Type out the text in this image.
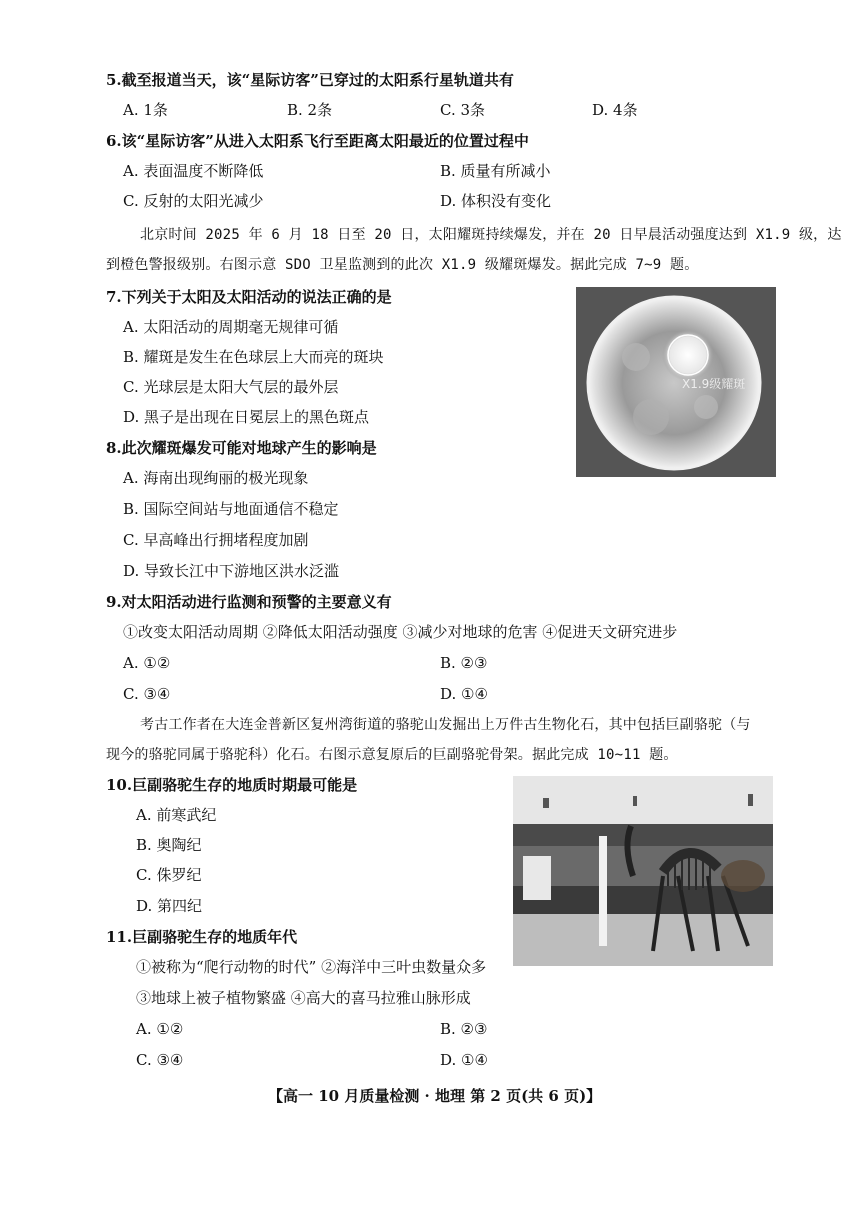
5.截至报道当天，该“星际访客”已穿过的太阳系行星轨道共有
A. 1条	B. 2条	C. 3条	D. 4条
6.该“星际访客”从进入太阳系飞行至距离太阳最近的位置过程中
A. 表面温度不断降低	B. 质量有所减小
C. 反射的太阳光减少	D. 体积没有变化
北京时间 2025 年 6 月 18 日至 20 日，太阳耀斑持续爆发，并在 20 日早晨活动强度达到 X1.9 级，达
到橙色警报级别。右图示意 SDO 卫星监测到的此次 X1.9 级耀斑爆发。据此完成 7~9 题。
X1.9级耀斑
7.下列关于太阳及太阳活动的说法正确的是
A. 太阳活动的周期毫无规律可循
B. 耀斑是发生在色球层上大而亮的斑块
C. 光球层是太阳大气层的最外层
D. 黑子是出现在日冕层上的黑色斑点
8.此次耀斑爆发可能对地球产生的影响是
A. 海南出现绚丽的极光现象
B. 国际空间站与地面通信不稳定
C. 早高峰出行拥堵程度加剧
D. 导致长江中下游地区洪水泛滥
9.对太阳活动进行监测和预警的主要意义有
①改变太阳活动周期 ②降低太阳活动强度 ③减少对地球的危害 ④促进天文研究进步
A. ①②	B. ②③
C. ③④	D. ①④
考古工作者在大连金普新区复州湾街道的骆驼山发掘出上万件古生物化石，其中包括巨副骆驼（与
现今的骆驼同属于骆驼科）化石。右图示意复原后的巨副骆驼骨架。据此完成 10~11 题。
10.巨副骆驼生存的地质时期最可能是
A. 前寒武纪
B. 奥陶纪
C. 侏罗纪
D. 第四纪
11.巨副骆驼生存的地质年代
①被称为“爬行动物的时代” ②海洋中三叶虫数量众多
③地球上被子植物繁盛 ④高大的喜马拉雅山脉形成
A. ①②	B. ②③
C. ③④	D. ①④
【高一 10 月质量检测 · 地理 第 2 页(共 6 页)】
